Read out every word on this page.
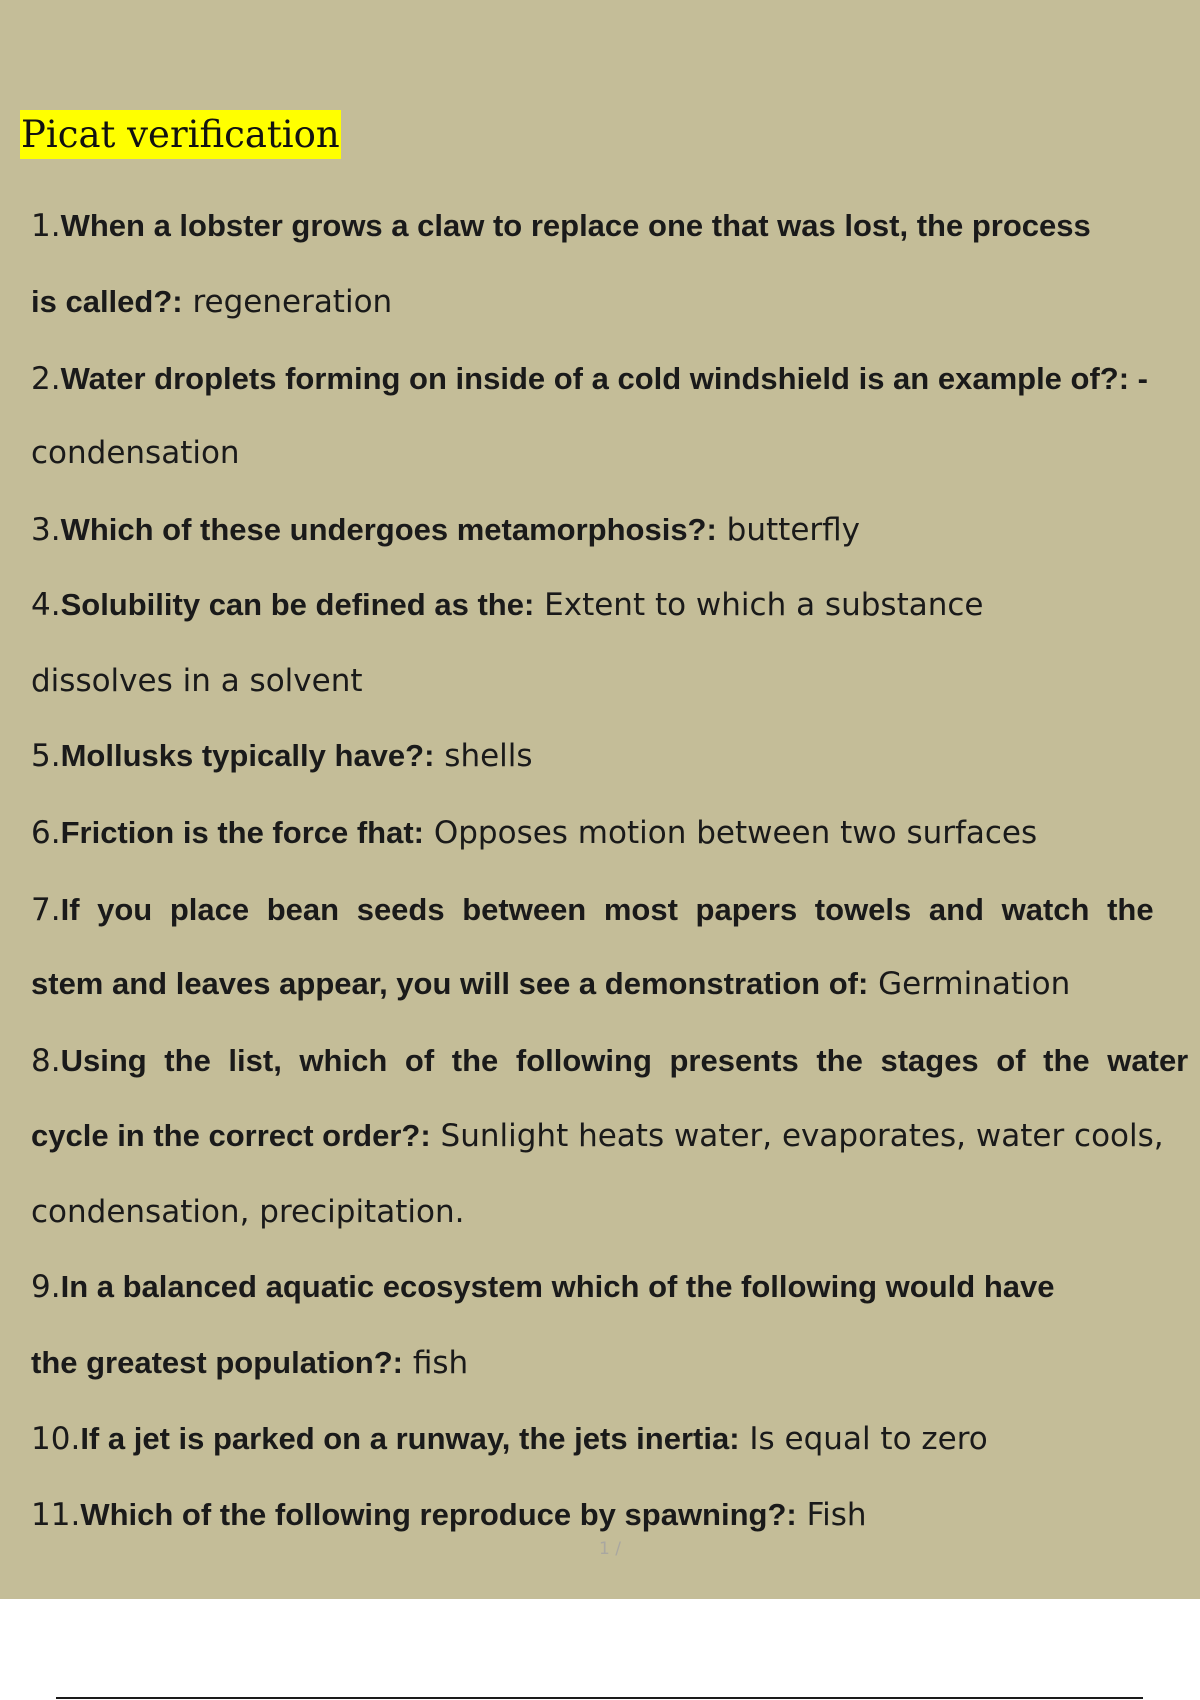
Picat verification
1.When a lobster grows a claw to replace one that was lost, the process
is called?: regeneration
2.Water droplets forming on inside of a cold windshield is an example of?: -
condensation
3.Which of these undergoes metamorphosis?: butterfly
4.Solubility can be defined as the: Extent to which a substance
dissolves in a solvent
5.Mollusks typically have?: shells
6.Friction is the force fhat: Opposes motion between two surfaces
7.If you place bean seeds between most papers towels and watch the
stem and leaves appear, you will see a demonstration of: Germination
8.Using the list, which of the following presents the stages of the water
cycle in the correct order?: Sunlight heats water, evaporates, water cools,
condensation, precipitation.
9.In a balanced aquatic ecosystem which of the following would have
the greatest population?: fish
10.If a jet is parked on a runway, the jets inertia: Is equal to zero
11.Which of the following reproduce by spawning?: Fish
1 /
